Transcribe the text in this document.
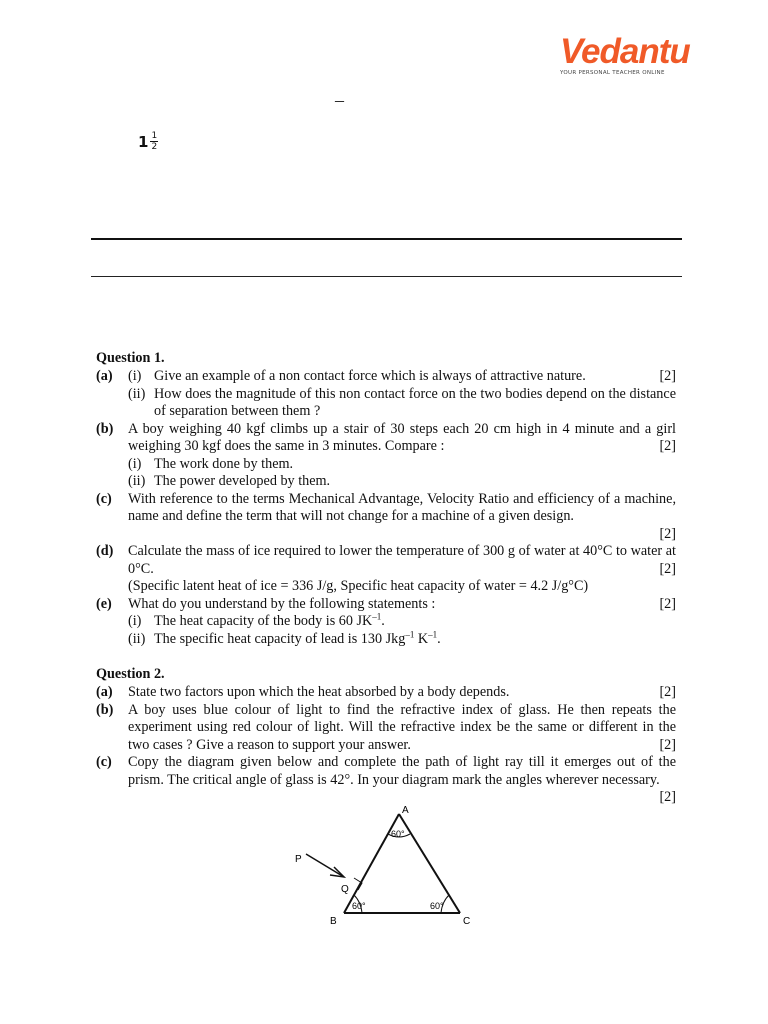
Vedantu
YOUR PERSONAL TEACHER ONLINE
–
$1 \frac{1}{2}$
Question 1.
(a) (i)	[2]
Give an example of a non contact force which is always of attractive nature.
(ii) How does the magnitude of this non contact force on the two bodies depend on the distance of separation between them ?
(b) A boy weighing 40 kgf climbs up a stair of 30 steps each 20 cm high in 4 minute and a girl weighing 30 kgf does the same in 3 minutes. Compare :	[2]
(i) The work done by them.
(ii) The power developed by them.
(c) With reference to the terms Mechanical Advantage, Velocity Ratio and efficiency of a machine, name and define the term that will not change for a machine of a given design.
[2]
(d) Calculate the mass of ice required to lower the temperature of 300 g of water at 40°C to water at 0°C.	[2]
(Specific latent heat of ice = 336 J/g, Specific heat capacity of water = 4.2 J/g°C)
(e)	[2]
What do you understand by the following statements :
(i) The heat capacity of the body is 60 $JK^{-1}$.
(ii) The specific heat capacity of lead is 130 Jkg$^{-1}$ $K^{-1}$.
Question 2.
(a)	[2]
State two factors upon which the heat absorbed by a body depends.
(b) A boy uses blue colour of light to find the refractive index of glass. He then repeats the experiment using red colour of light. Will the refractive index be the same or different in the two cases ? Give a reason to support your answer.	[2]
(c) Copy the diagram given below and complete the path of light ray till it emerges out of the prism. The critical angle of glass is 42°. In your diagram mark the angles wherever necessary.
[2]
A
B	C
P
Q
60°
60°	60°
